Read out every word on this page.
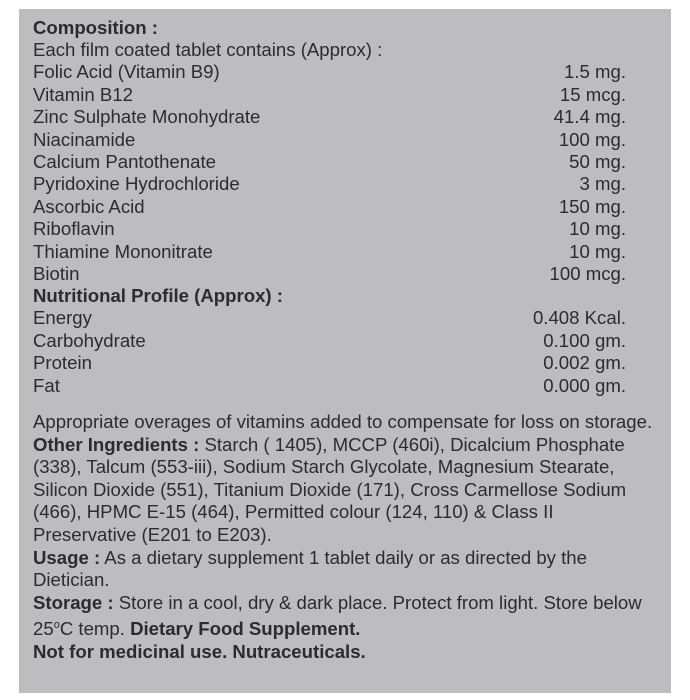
Composition :
Each film coated tablet contains (Approx) :
Folic Acid (Vitamin B9)	1.5 mg.
Vitamin B12	15 mcg.
Zinc Sulphate Monohydrate	41.4 mg.
Niacinamide	100 mg.
Calcium Pantothenate	50 mg.
Pyridoxine Hydrochloride	3 mg.
Ascorbic Acid	150 mg.
Riboflavin	10 mg.
Thiamine Mononitrate	10 mg.
Biotin	100 mcg.
Nutritional Profile (Approx) :
Energy	0.408 Kcal.
Carbohydrate	0.100 gm.
Protein	0.002 gm.
Fat	0.000 gm.
Appropriate overages of vitamins added to compensate for loss on storage.
Other Ingredients : Starch ( 1405), MCCP (460i), Dicalcium Phosphate (338), Talcum (553-iii), Sodium Starch Glycolate, Magnesium Stearate, Silicon Dioxide (551), Titanium Dioxide (171), Cross Carmellose Sodium (466), HPMC E-15 (464), Permitted colour (124, 110) & Class II Preservative (E201 to E203).
Usage : As a dietary supplement 1 tablet daily or as directed by the Dietician.
Storage : Store in a cool, dry & dark place. Protect from light. Store below 25$^o$C temp. Dietary Food Supplement.
Not for medicinal use. Nutraceuticals.
